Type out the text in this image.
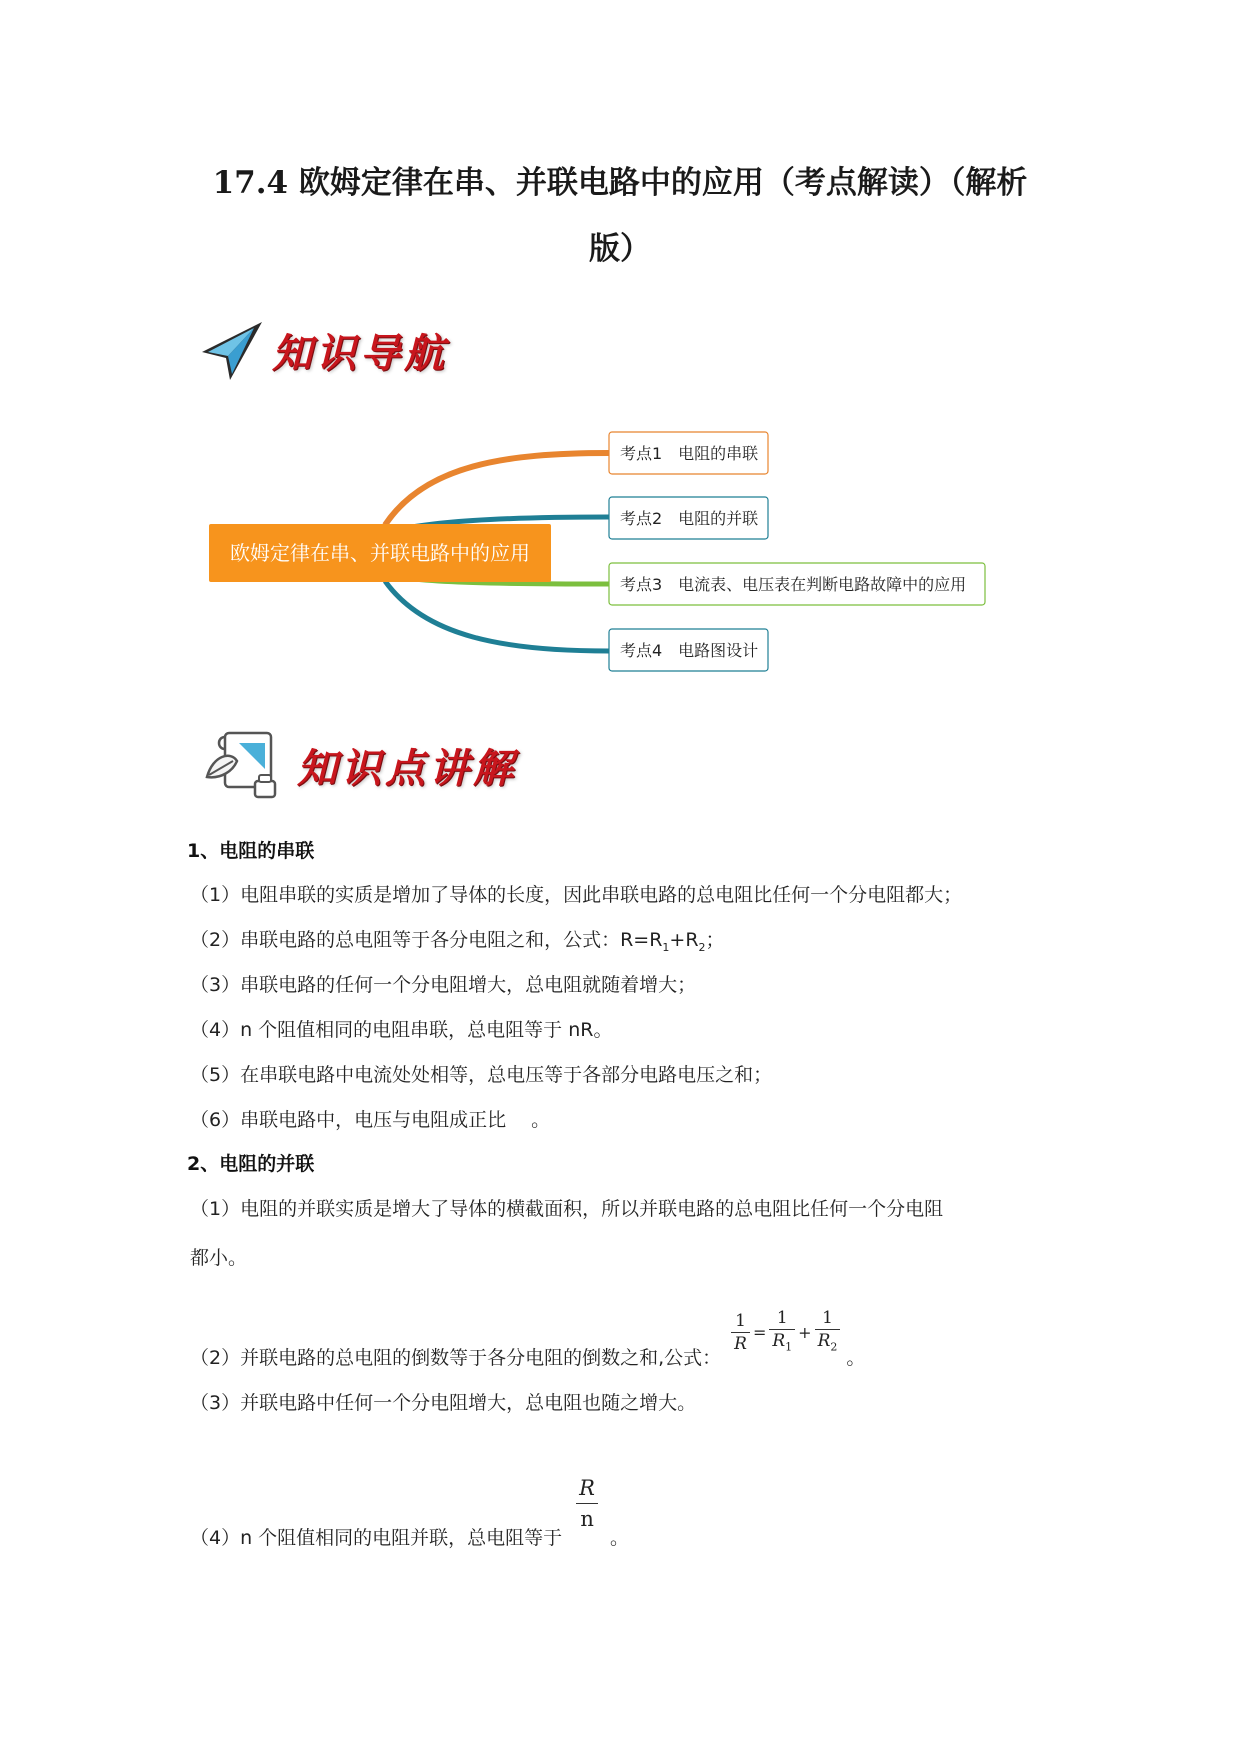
17.4 欧姆定律在串、并联电路中的应用（考点解读）（解析
版）
知识导航
欧姆定律在串、并联电路中的应用
考点1　电阻的串联
考点2　电阻的并联
考点3　电流表、电压表在判断电路故障中的应用
考点4　电路图设计
知识点讲解
1、电阻的串联
（1）电阻串联的实质是增加了导体的长度，因此串联电路的总电阻比任何一个分电阻都大；
（2）串联电路的总电阻等于各分电阻之和，公式：$R=R_1+R_2$；
（3）串联电路的任何一个分电阻增大，总电阻就随着增大；
（4）n 个阻值相同的电阻串联，总电阻等于 nR。
（5）在串联电路中电流处处相等，总电压等于各部分电路电压之和；
（6）串联电路中，电压与电阻成正比 　。
2、电阻的并联
（1）电阻的并联实质是增大了导体的横截面积，所以并联电路的总电阻比任何一个分电阻
都小。
（2）并联电路的总电阻的倒数等于各分电阻的倒数之和,公式：
$\frac{1}{R} = \frac{1}{R_1} + \frac{1}{R_2}$ 。
（3）并联电路中任何一个分电阻增大，总电阻也随之增大。
（4）n 个阻值相同的电阻并联，总电阻等于
$\frac{R}{n}$
。
